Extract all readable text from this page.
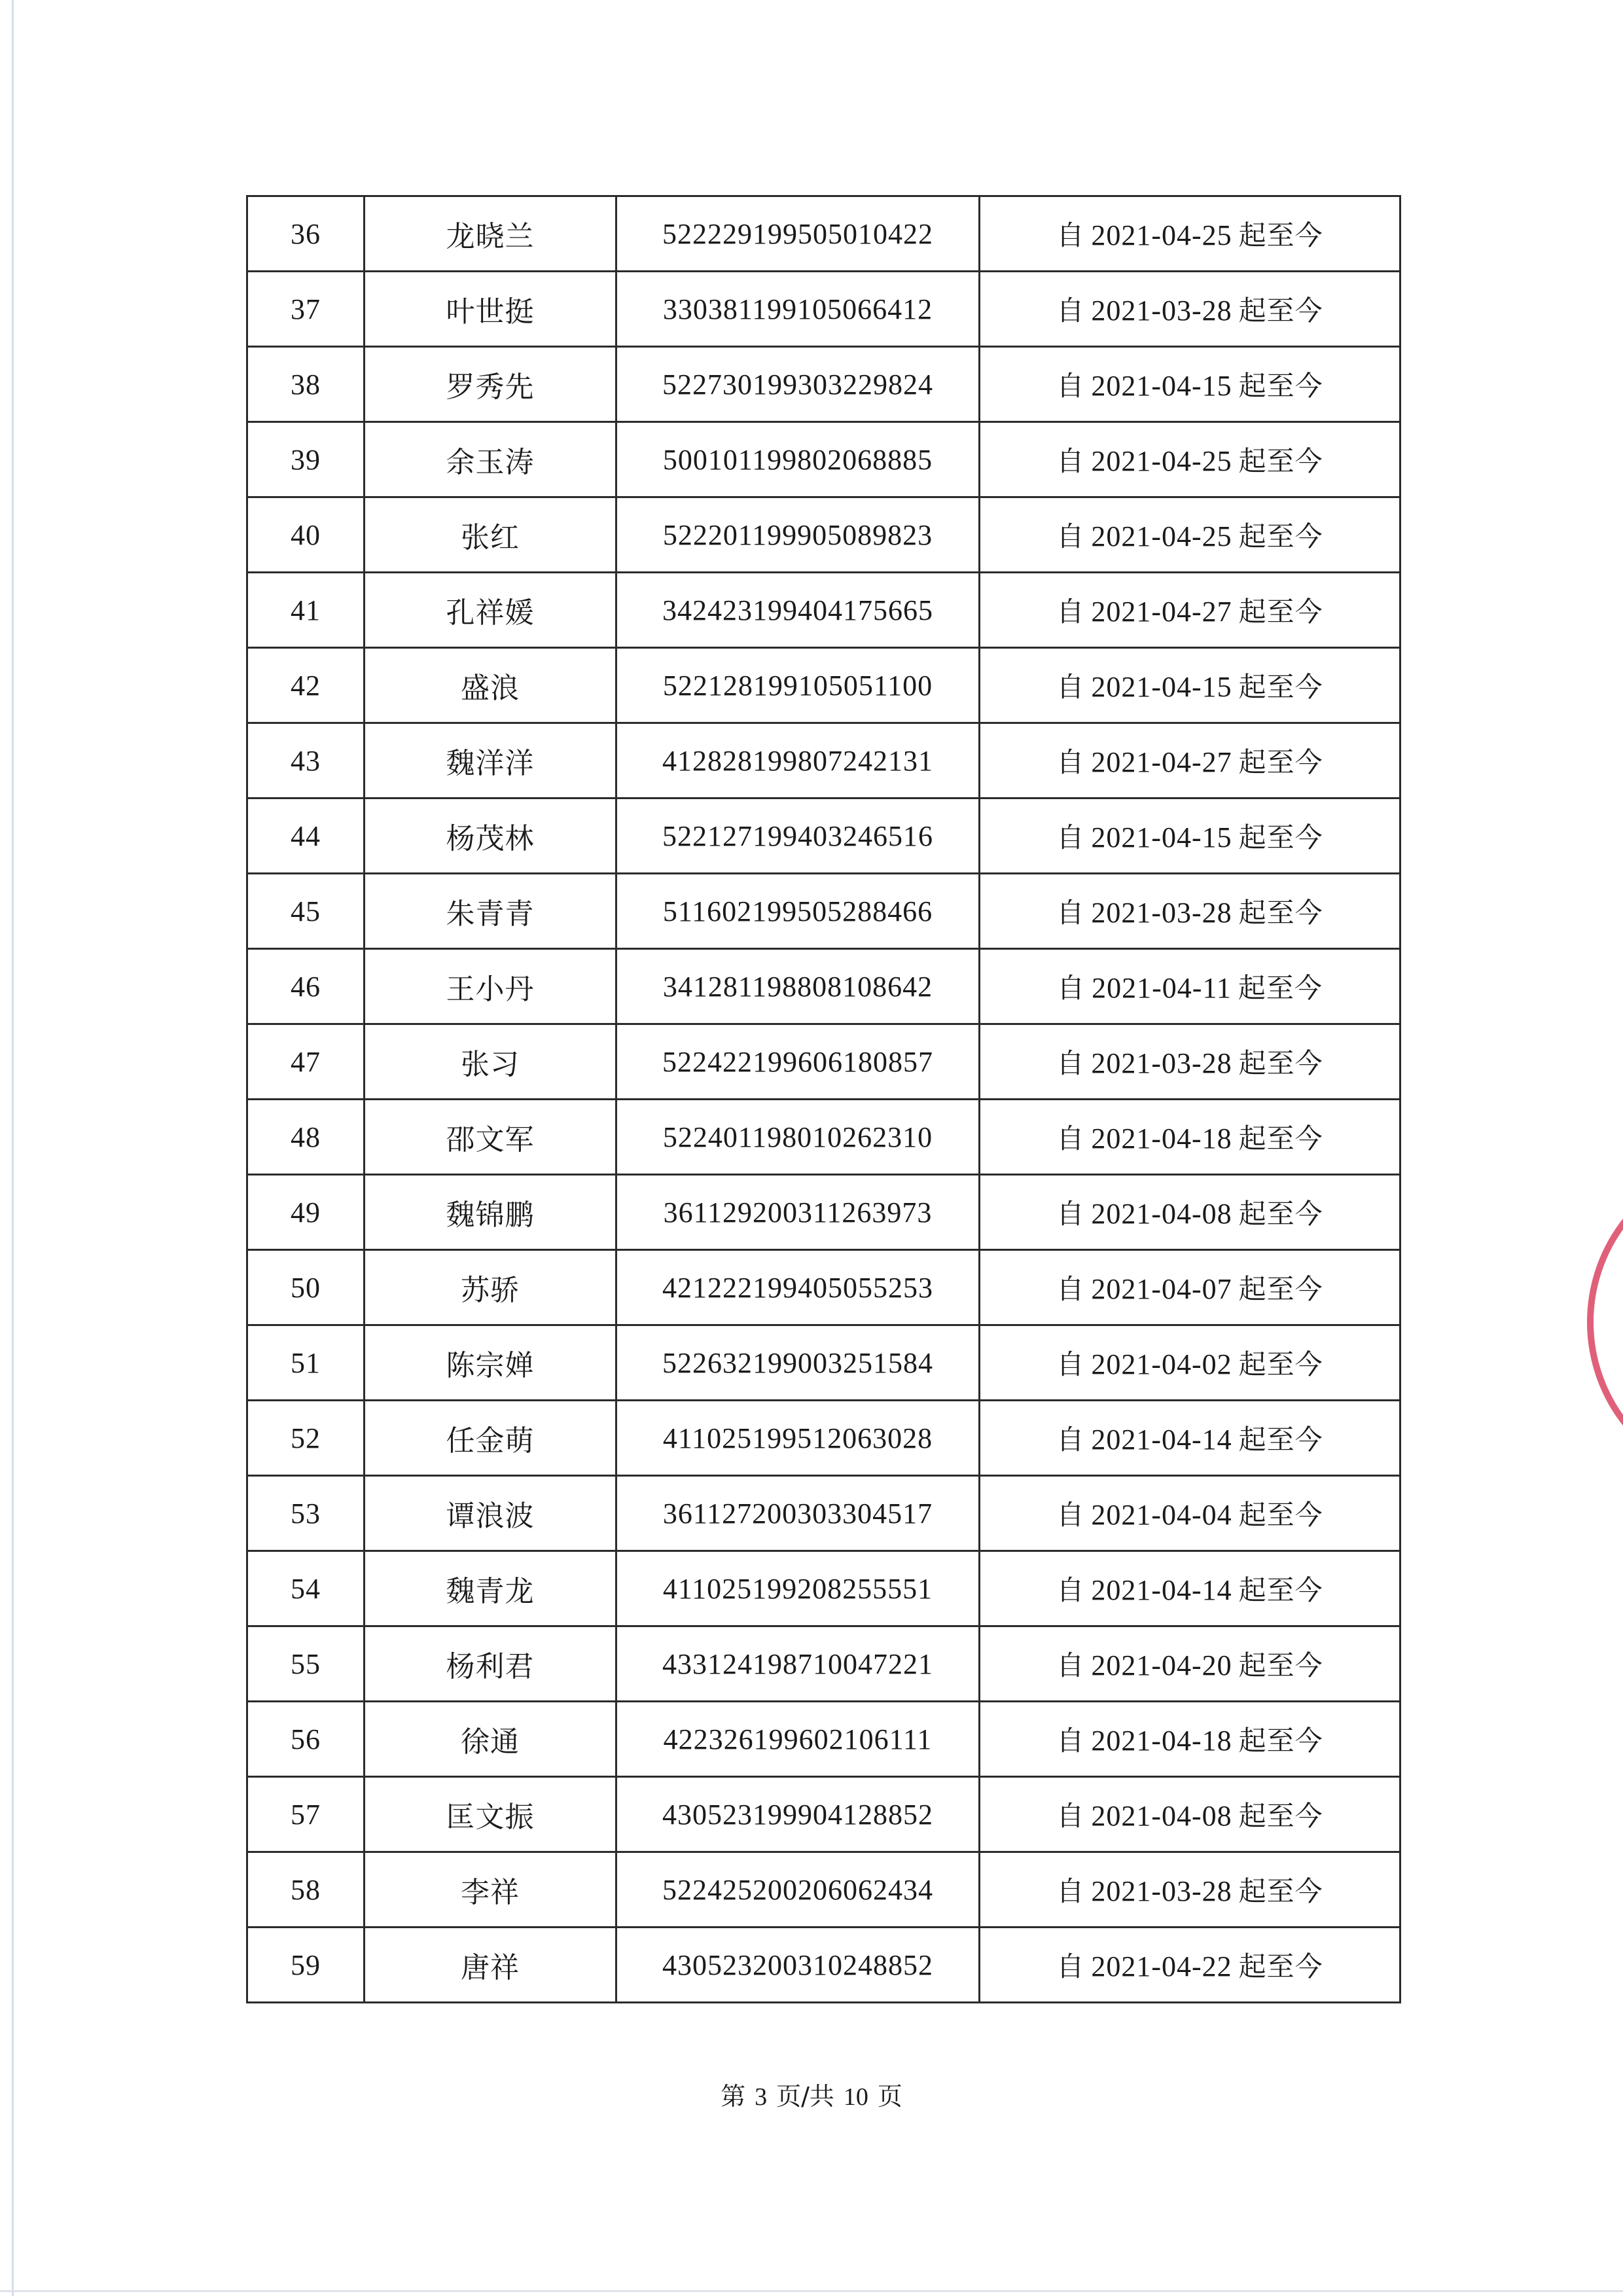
36	龙晓兰	522229199505010422	自 2021-04-25 起至今
37	叶世挺	330381199105066412	自 2021-03-28 起至今
38	罗秀先	522730199303229824	自 2021-04-15 起至今
39	余玉涛	500101199802068885	自 2021-04-25 起至今
40	张红	522201199905089823	自 2021-04-25 起至今
41	孔祥媛	342423199404175665	自 2021-04-27 起至今
42	盛浪	522128199105051100	自 2021-04-15 起至今
43	魏洋洋	412828199807242131	自 2021-04-27 起至今
44	杨茂林	522127199403246516	自 2021-04-15 起至今
45	朱青青	511602199505288466	自 2021-03-28 起至今
46	王小丹	341281198808108642	自 2021-04-11 起至今
47	张习	522422199606180857	自 2021-03-28 起至今
48	邵文军	522401198010262310	自 2021-04-18 起至今
49	魏锦鹏	361129200311263973	自 2021-04-08 起至今
50	苏骄	421222199405055253	自 2021-04-07 起至今
51	陈宗婵	522632199003251584	自 2021-04-02 起至今
52	任金萌	411025199512063028	自 2021-04-14 起至今
53	谭浪波	361127200303304517	自 2021-04-04 起至今
54	魏青龙	411025199208255551	自 2021-04-14 起至今
55	杨利君	433124198710047221	自 2021-04-20 起至今
56	徐通	422326199602106111	自 2021-04-18 起至今
57	匡文振	430523199904128852	自 2021-04-08 起至今
58	李祥	522425200206062434	自 2021-03-28 起至今
59	唐祥	430523200310248852	自 2021-04-22 起至今
第 3 页/共 10 页
